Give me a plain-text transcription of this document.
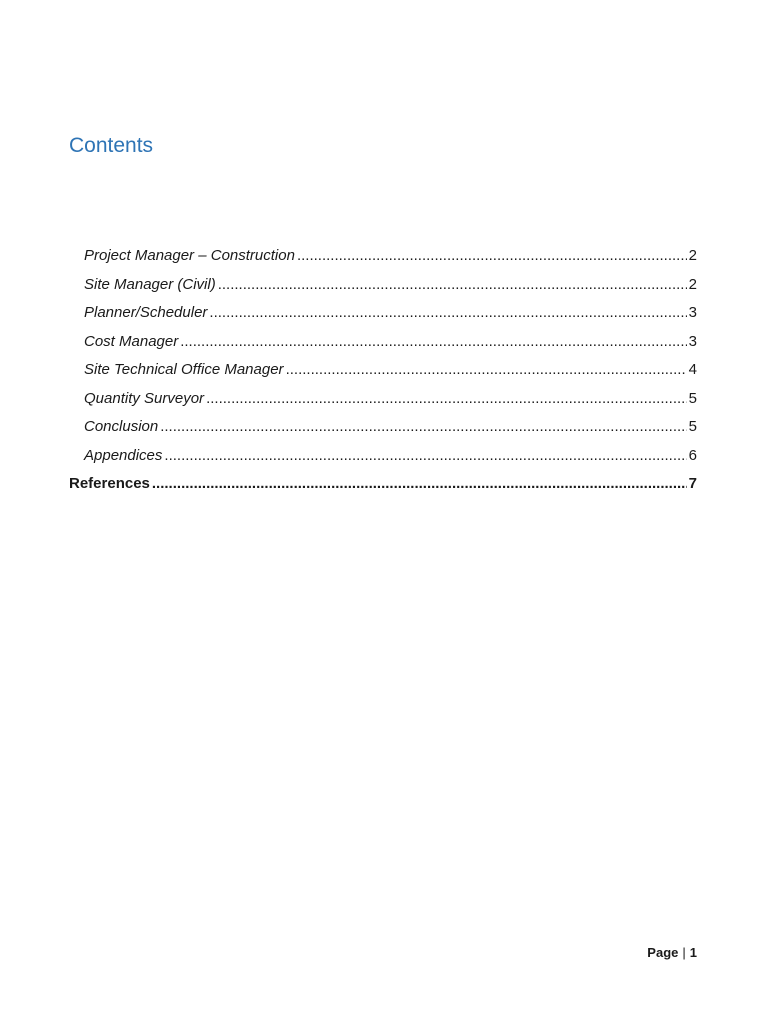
Contents
Project Manager – Construction .....	2
Site Manager (Civil) .....	2
Planner/Scheduler .....	3
Cost Manager .....	3
Site Technical Office Manager .....	4
Quantity Surveyor .....	5
Conclusion .....	5
Appendices .....	6
References .....	7
Page | 1
